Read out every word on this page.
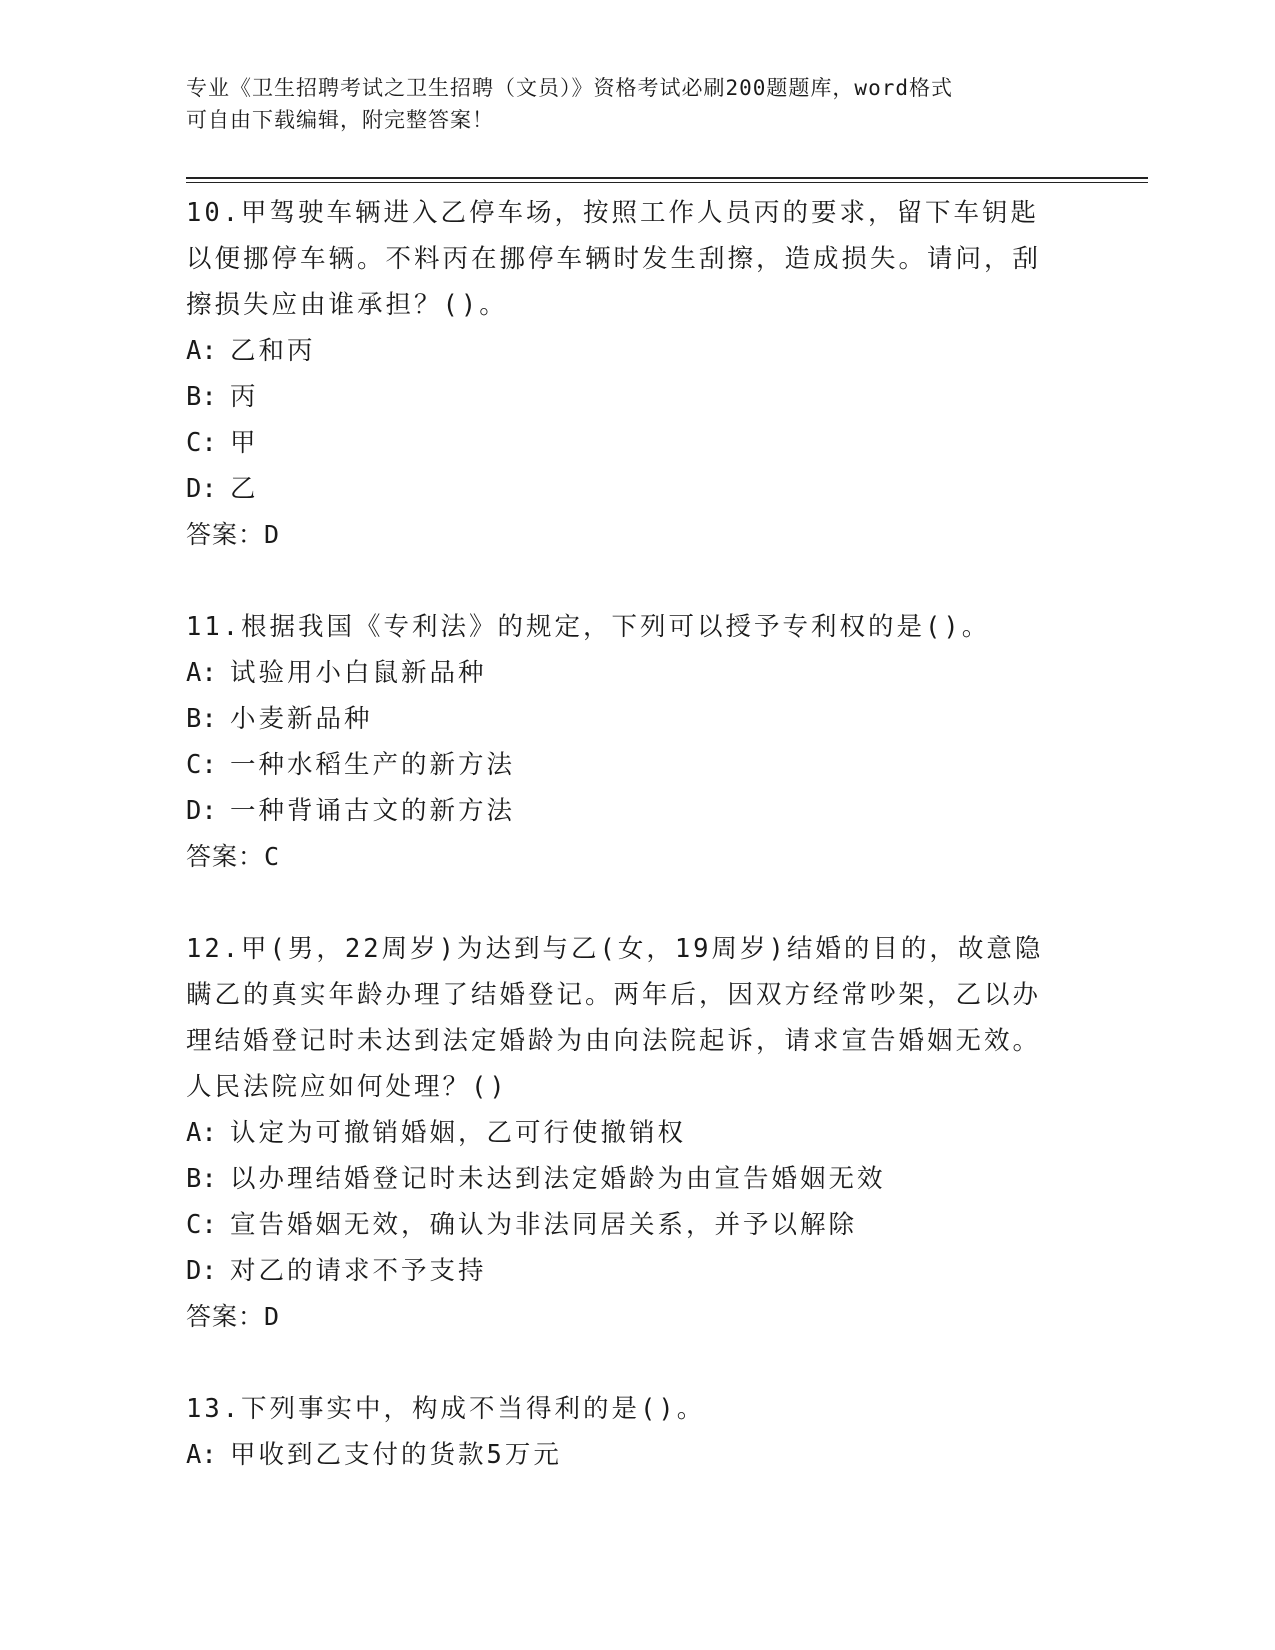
专业《卫生招聘考试之卫生招聘（文员）》资格考试必刷200题题库，word格式
可自由下载编辑，附完整答案！
10.甲驾驶车辆进入乙停车场，按照工作人员丙的要求，留下车钥匙以便挪停车辆。不料丙在挪停车辆时发生刮擦，造成损失。请问，刮擦损失应由谁承担？()。
A: 乙和丙
B: 丙
C: 甲
D: 乙
答案：D
11.根据我国《专利法》的规定，下列可以授予专利权的是()。
A: 试验用小白鼠新品种
B: 小麦新品种
C: 一种水稻生产的新方法
D: 一种背诵古文的新方法
答案：C
12.甲(男，22周岁)为达到与乙(女，19周岁)结婚的目的，故意隐瞒乙的真实年龄办理了结婚登记。两年后，因双方经常吵架，乙以办理结婚登记时未达到法定婚龄为由向法院起诉，请求宣告婚姻无效。人民法院应如何处理？()
A: 认定为可撤销婚姻，乙可行使撤销权
B: 以办理结婚登记时未达到法定婚龄为由宣告婚姻无效
C: 宣告婚姻无效，确认为非法同居关系，并予以解除
D: 对乙的请求不予支持
答案：D
13.下列事实中，构成不当得利的是()。
A: 甲收到乙支付的货款5万元
